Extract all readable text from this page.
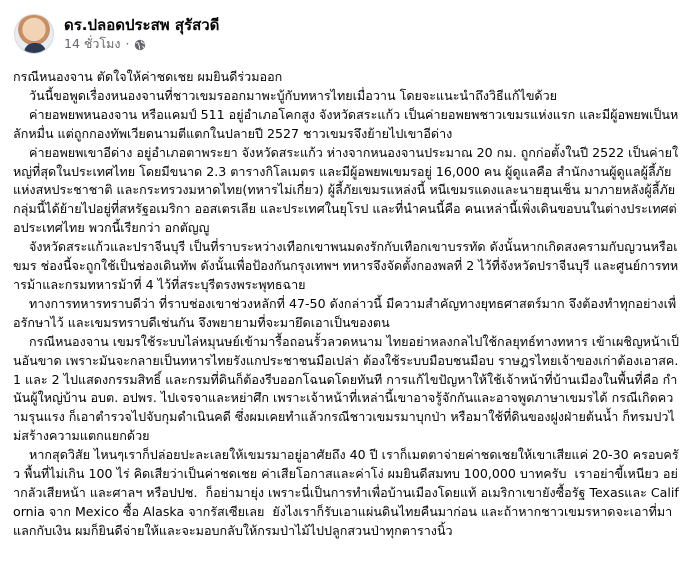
ดร.ปลอดประสพ สุรัสวดี
14 ชั่วโมง ·

กรณีหนองจาน ตัดใจให้ค่าชดเชย ผมยินดีร่วมออก

วันนี้ขอพูดเรื่องหนองจานที่ชาวเขมรออกมาพะบู้กับทหารไทยเมื่อวาน โดยจะแนะนำถึงวิธีแก้ไขด้วย

ค่ายอพยพหนองจาน หรือแคมป์ 511 อยู่อำเภอโคกสูง จังหวัดสระแก้ว เป็นค่ายอพยพชาวเขมรแห่งแรก และมีผู้อพยพเป็นหลักหมื่น แต่ถูกกองทัพเวียดนามตีแตกในปลายปี 2527 ชาวเขมรจึงย้ายไปเขาอีด่าง

ค่ายอพยพเขาอีด่าง อยู่อำเภอตาพระยา จังหวัดสระแก้ว ห่างจากหนองจานประมาณ 20 กม. ถูกก่อตั้งในปี 2522 เป็นค่ายใหญ่ที่สุดในประเทศไทย โดยมีขนาด 2.3 ตารางกิโลเมตร และมีผู้อพยพเขมรอยู่ 16,000 คน ผู้ดูแลคือ สำนักงานผู้ดูแลผู้ลี้ภัยแห่งสหประชาชาติ และกระทรวงมหาดไทย(ทหารไม่เกี่ยว) ผู้ลี้ภัยเขมรแหล่งนี้ หนีเขมรแดงและนายฮุนเซ็น มาภายหลังผู้ลี้ภัยกลุ่มนี้ได้ย้ายไปอยู่ที่สหรัฐอเมริกา ออสเตรเลีย และประเทศในยุโรป และที่นำคนนี้คือ คนเหล่านี้เพิ่งเดินขอบนในต่างประเทศต่อประเทศไทย พวกนี้เรียกว่า อกตัญญู

จังหวัดสระแก้วและปราจีนบุรี เป็นที่ราบระหว่างเทือกเขาพนมดงรักกับเทือกเขาบรรทัด ดังนั้นหากเกิดสงครามกับญวนหรือเขมร ช่องนี้จะถูกใช้เป็นช่องเดินทัพ ดังนั้นเพื่อป้องกันกรุงเทพฯ ทหารจึงจัดตั้งกองพลที่ 2 ไว้ที่จังหวัดปราจีนบุรี และศูนย์การทหารม้าและกรมทหารม้าที่ 4 ไว้ที่สระบุรีตรงพระพุทธฉาย

ทางการทหารทราบดีว่า ที่ราบช่องเขาช่วงหลักที่ 47-50 ดังกล่าวนี้ มีความสำคัญทางยุทธศาสตร์มาก จึงต้องทำทุกอย่างเพื่อรักษาไว้ และเขมรทราบดีเช่นกัน จึงพยายามที่จะมายึดเอาเป็นของตน

กรณีหนองจาน เขมรใช้ระบบไล่หมุนษย์เข้ามารื้อถอนรั้วลวดหนาม ไทยอย่าหลงกลไปใช้กลยุทธ์ทางทหาร เข้าเผชิญหน้าเป็นอันขาด เพราะมันจะกลายเป็นทหารไทยรังแกประชาชนมือเปล่า ต้องใช้ระบบมือบชนมือบ ราษฎรไทยเจ้าของเก่าต้องเอาสค.1 และ 2 ไปแสดงกรรมสิทธิ์ และกรมที่ดินก็ต้องรีบออกโฉนดโดยทันที การแก้ไขปัญหาให้ใช้เจ้าหน้าที่บ้านเมืองในพื้นที่คือ กำนันผู้ใหญ่บ้าน อบต. อปพร. ไปเจรจาและหย่าศึก เพราะเจ้าหน้าที่เหล่านี้เขาอาจรู้จักกันและอาจพูดภาษาเขมรได้ กรณีเกิดความรุนแรง ก็เอาตำรวจไปจับกุมดำเนินคดี ซึ่งผมเคยทำแล้วกรณีชาวเขมรมาบุกป่า หรือมาใช้ที่ดินของฝูงฝ่ายต้นน้ำ ก็ทรมปวไม่สร้างความแตกแยกด้วย

หากสุดวิสัย ไหนๆเราก็ปล่อยปะละเลยให้เขมรมาอยู่อาศัยถึง 40 ปี เราก็เมตตาจ่ายค่าชดเชยให้เขาเสียแค่ 20-30 ครอบครัว พื้นที่ไม่เกิน 100 ไร่ คิดเสียว่าเป็นค่าชดเชย ค่าเสียโอกาสและค่าโง่ ผมยินดีสมทบ 100,000 บาทครับ  เราอย่าขี้เหนียว อย่ากลัวเสียหน้า และศาลฯ หรือปปช.  ก็อย่ามายุ่ง เพราะนี่เป็นการทำเพื่อบ้านเมืองโดยแท้ อเมริกาเขายังซื้อรัฐ Texasและ California จาก Mexico ซื้อ Alaska จากรัสเซียเลย  ยังไงเราก็รับเอาแผ่นดินไทยคืนมาก่อน และถ้าหากชาวเขมรหาดจะเอาที่มาแลกกับเงิน ผมก็ยินดีจ่ายให้และจะมอบกลับให้กรมป่าไม้ไปปลูกสวนป่าทุกตารางนิ้ว
